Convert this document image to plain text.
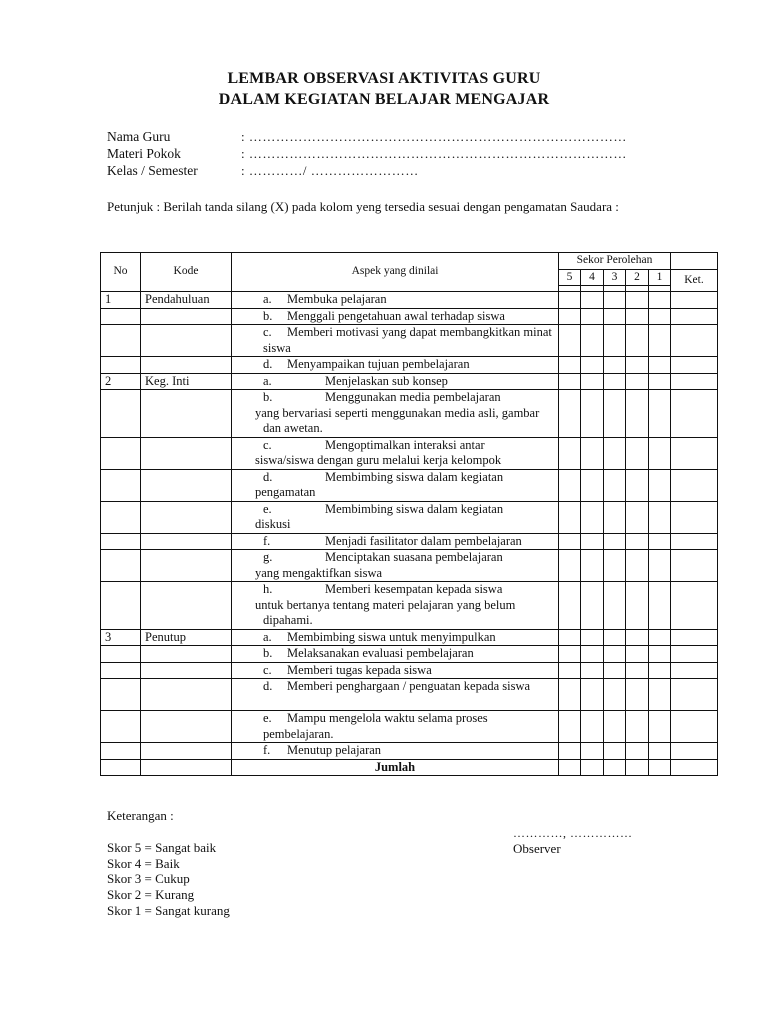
LEMBAR OBSERVASI AKTIVITAS GURU
DALAM KEGIATAN BELAJAR MENGAJAR
Nama Guru	: …………………………………………………………………………
Materi Pokok	: …………………………………………………………………………
Kelas / Semester	: …………/ ……………………
Petunjuk : Berilah tanda silang (X) pada kolom yeng tersedia sesuai dengan pengamatan Saudara :
No	Kode	Aspek yang dinilai	Sekor Perolehan					
			5	4	3	2	1	Ket.

1	Pendahuluan	a. Membuka pelajaran						
		b. Menggali pengetahuan awal terhadap siswa						
		c. Memberi motivasi yang dapat membangkitkan minat siswa						
		d. Menyampaikan tujuan pembelajaran						
2	Keg. Inti	a. Menjelaskan sub konsep						
		b. Menggunakan media pembelajaran
yang bervariasi seperti menggunakan media asli, gambar dan awetan.						
		c. Mengoptimalkan interaksi antar
siswa/siswa dengan guru melalui kerja kelompok						
		d. Membimbing siswa dalam kegiatan
pengamatan						
		e. Membimbing siswa dalam kegiatan
diskusi						
		f. Menjadi fasilitator dalam pembelajaran						
		g. Menciptakan suasana pembelajaran
yang mengaktifkan siswa						
		h. Memberi kesempatan kepada siswa
untuk bertanya tentang materi pelajaran yang belum dipahami.						
3	Penutup	a. Membimbing siswa untuk menyimpulkan						
		b. Melaksanakan evaluasi pembelajaran						
		c. Memberi tugas kepada siswa						
		d. Memberi penghargaan / penguatan kepada siswa						
		e. Mampu mengelola waktu selama proses pembelajaran.						
		f. Menutup pelajaran						
		Jumlah						
Keterangan :
Skor 5 = Sangat baik
Skor 4 = Baik
Skor 3 = Cukup
Skor 2 = Kurang
Skor 1 = Sangat kurang
…………, ……………
Observer
